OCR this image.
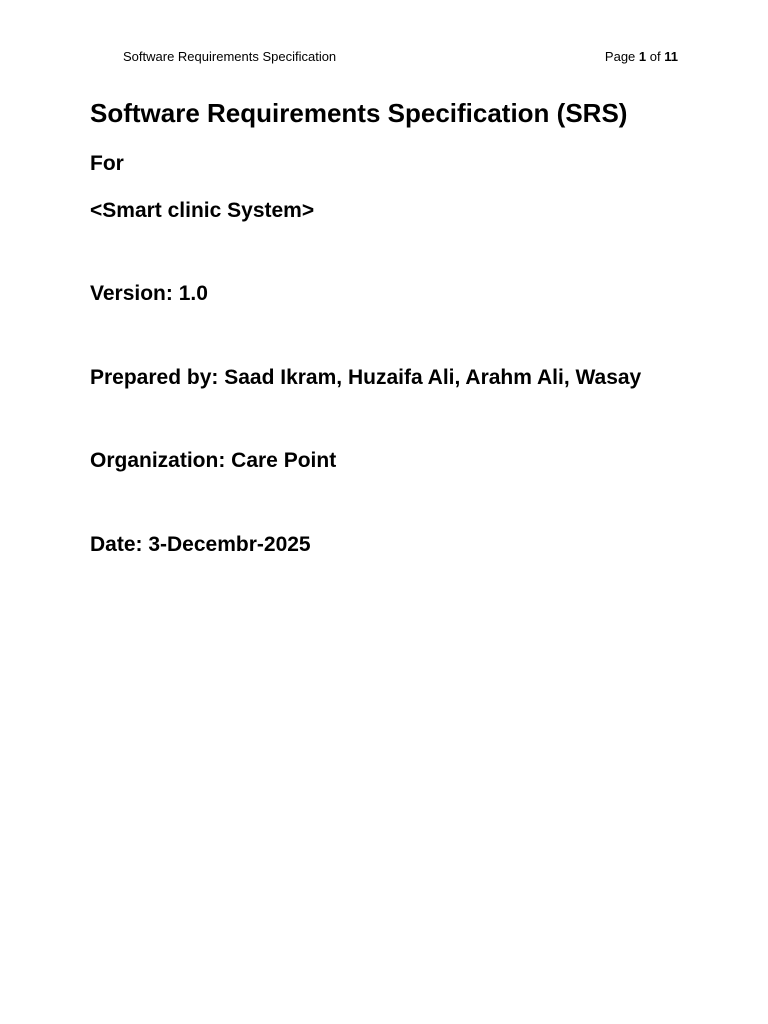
Software Requirements Specification	Page 1 of 11
Software Requirements Specification (SRS)
For
<Smart clinic System>
Version: 1.0
Prepared by: Saad Ikram, Huzaifa Ali, Arahm Ali, Wasay
Organization: Care Point
Date: 3-Decembr-2025
